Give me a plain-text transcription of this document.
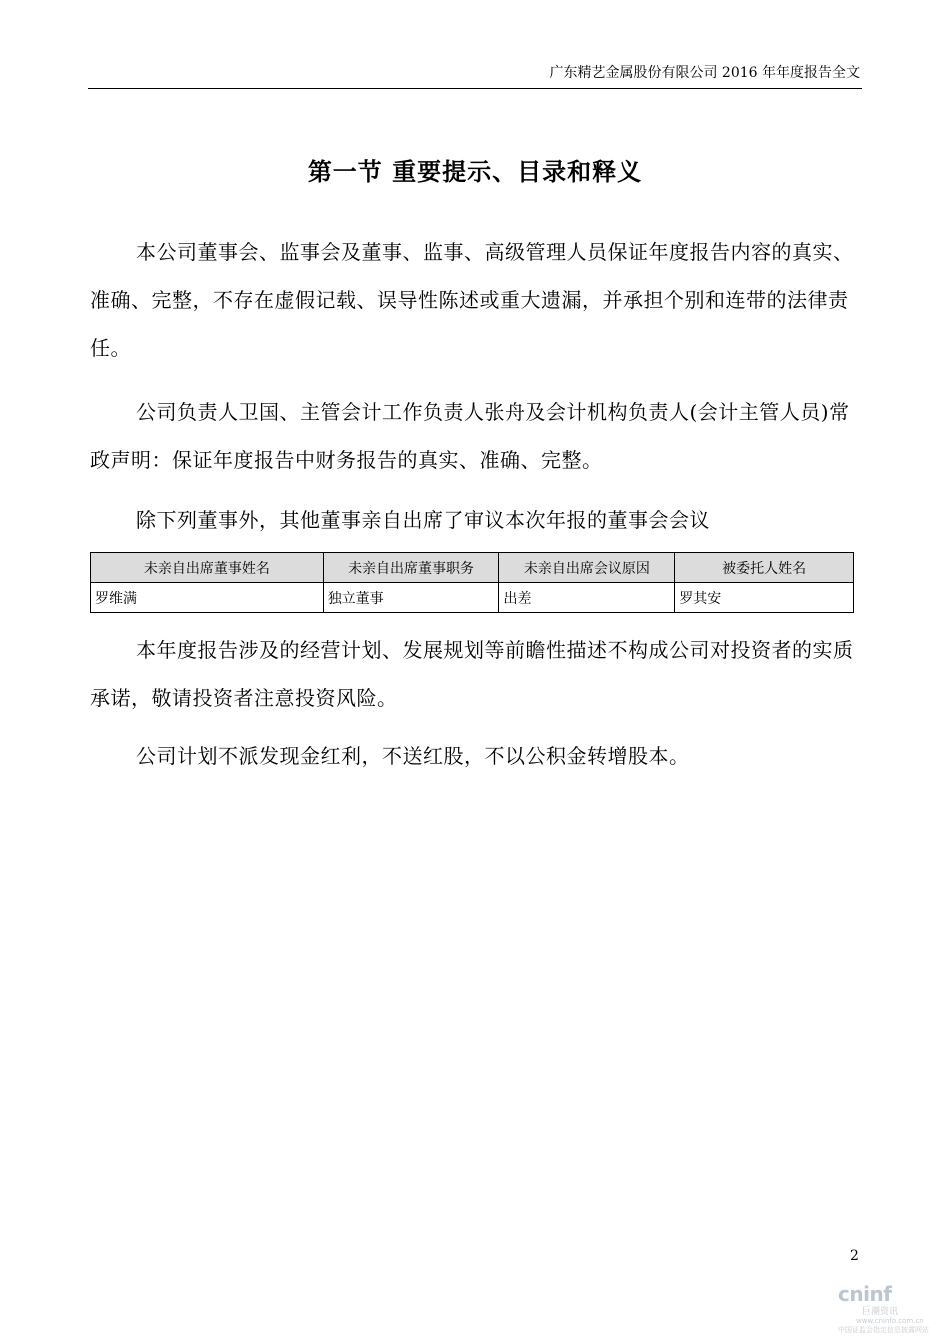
广东精艺金属股份有限公司 2016 年年度报告全文
第一节 重要提示、目录和释义

本公司董事会、监事会及董事、监事、高级管理人员保证年度报告内容的真实、准确、完整，不存在虚假记载、误导性陈述或重大遗漏，并承担个别和连带的法律责任。

公司负责人卫国、主管会计工作负责人张舟及会计机构负责人(会计主管人员)常政声明：保证年度报告中财务报告的真实、准确、完整。

除下列董事外，其他董事亲自出席了审议本次年报的董事会会议

未亲自出席董事姓名	未亲自出席董事职务	未亲自出席会议原因	被委托人姓名
罗维满	独立董事	出差	罗其安

本年度报告涉及的经营计划、发展规划等前瞻性描述不构成公司对投资者的实质承诺，敬请投资者注意投资风险。

公司计划不派发现金红利，不送红股，不以公积金转增股本。

2
cninf
巨潮资讯
www.cninfo.com.cn
中国证监会指定信息披露网站
